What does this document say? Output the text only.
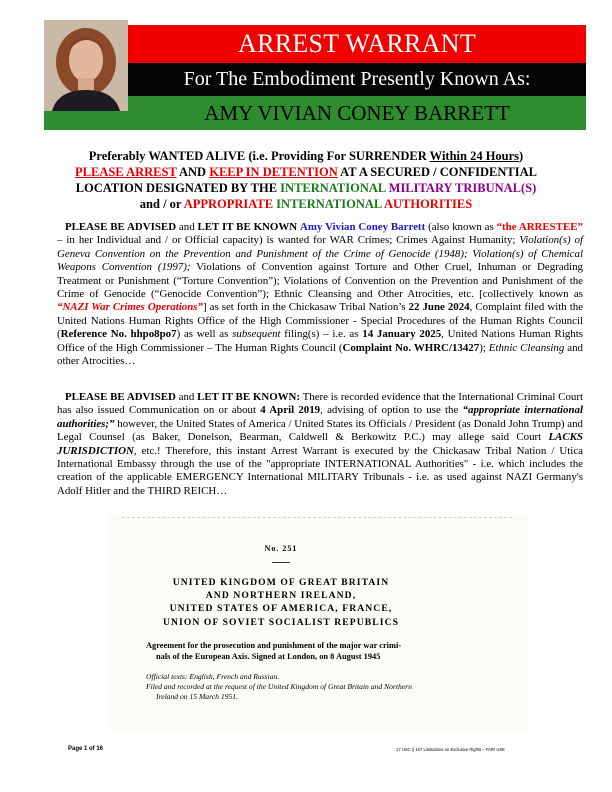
ARREST WARRANT
For The Embodiment Presently Known As:
AMY VIVIAN CONEY BARRETT
Preferably WANTED ALIVE (i.e. Providing For SURRENDER Within 24 Hours)
PLEASE ARREST AND KEEP IN DETENTION AT A SECURED / CONFIDENTIAL
LOCATION DESIGNATED BY THE INTERNATIONAL MILITARY TRIBUNAL(S)
and / or APPROPRIATE INTERNATIONAL AUTHORITIES
PLEASE BE ADVISED and LET IT BE KNOWN Amy Vivian Coney Barrett (also known as “the ARRESTEE” – in her Individual and / or Official capacity) is wanted for WAR Crimes; Crimes Against Humanity; Violation(s) of Geneva Convention on the Prevention and Punishment of the Crime of Genocide (1948); Violation(s) of Chemical Weapons Convention (1997); Violations of Convention against Torture and Other Cruel, Inhuman or Degrading Treatment or Punishment (“Torture Convention”); Violations of Convention on the Prevention and Punishment of the Crime of Genocide (“Genocide Convention”); Ethnic Cleansing and Other Atrocities, etc. [collectively known as “NAZI War Crimes Operations”] as set forth in the Chickasaw Tribal Nation’s 22 June 2024, Complaint filed with the United Nations Human Rights Office of the High Commissioner - Special Procedures of the Human Rights Council (Reference No. hhpo8po7) as well as subsequent filing(s) – i.e. as 14 January 2025, United Nations Human Rights Office of the High Commissioner – The Human Rights Council (Complaint No. WHRC/13427); Ethnic Cleansing and other Atrocities…
PLEASE BE ADVISED and LET IT BE KNOWN: There is recorded evidence that the International Criminal Court has also issued Communication on or about 4 April 2019, advising of option to use the “appropriate international authorities;” however, the United States of America / United States its Officials / President (as Donald John Trump) and Legal Counsel (as Baker, Donelson, Bearman, Caldwell & Berkowitz P.C.) may allege said Court LACKS JURISDICTION, etc.! Therefore, this instant Arrest Warrant is executed by the Chickasaw Tribal Nation / Utica International Embassy through the use of the "appropriate INTERNATIONAL Authorities" - i.e. which includes the creation of the applicable EMERGENCY International MILITARY Tribunals - i.e. as used against NAZI Germany's Adolf Hitler and the THIRD REICH…
No. 251
UNITED KINGDOM OF GREAT BRITAIN
AND NORTHERN IRELAND,
UNITED STATES OF AMERICA, FRANCE,
UNION OF SOVIET SOCIALIST REPUBLICS
Agreement for the prosecution and punishment of the major war crimi-
nals of the European Axis. Signed at London, on 8 August 1945
Official texts: English, French and Russian.
Filed and recorded at the request of the United Kingdom of Great Britain and Northern
Ireland on 15 March 1951.
Page 1 of 16	17 USC § 107 Limitations on Exclusive Rights – FAIR USE
